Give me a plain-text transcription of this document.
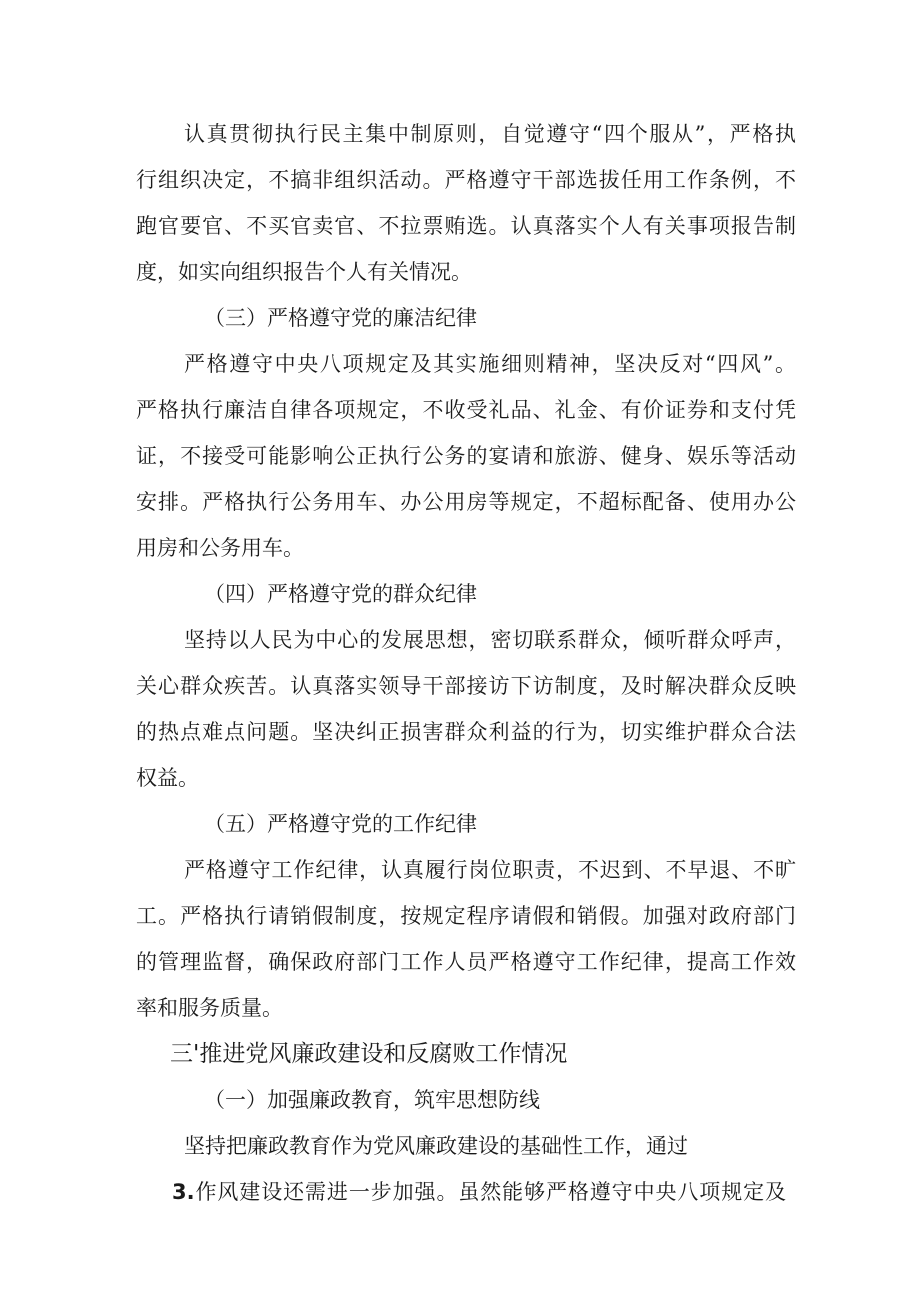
认真贯彻执行民主集中制原则，自觉遵守“四个服从”，严格执
行组织决定，不搞非组织活动。严格遵守干部选拔任用工作条例，不
跑官要官、不买官卖官、不拉票贿选。认真落实个人有关事项报告制
度，如实向组织报告个人有关情况。
（三）严格遵守党的廉洁纪律
严格遵守中央八项规定及其实施细则精神，坚决反对“四风”。
严格执行廉洁自律各项规定，不收受礼品、礼金、有价证券和支付凭
证，不接受可能影响公正执行公务的宴请和旅游、健身、娱乐等活动
安排。严格执行公务用车、办公用房等规定，不超标配备、使用办公
用房和公务用车。
（四）严格遵守党的群众纪律
坚持以人民为中心的发展思想，密切联系群众，倾听群众呼声，
关心群众疾苦。认真落实领导干部接访下访制度，及时解决群众反映
的热点难点问题。坚决纠正损害群众利益的行为，切实维护群众合法
权益。
（五）严格遵守党的工作纪律
严格遵守工作纪律，认真履行岗位职责，不迟到、不早退、不旷
工。严格执行请销假制度，按规定程序请假和销假。加强对政府部门
的管理监督，确保政府部门工作人员严格遵守工作纪律，提高工作效
率和服务质量。
三'推进党风廉政建设和反腐败工作情况
（一）加强廉政教育，筑牢思想防线
坚持把廉政教育作为党风廉政建设的基础性工作，通过
3.作风建设还需进一步加强。虽然能够严格遵守中央八项规定及
